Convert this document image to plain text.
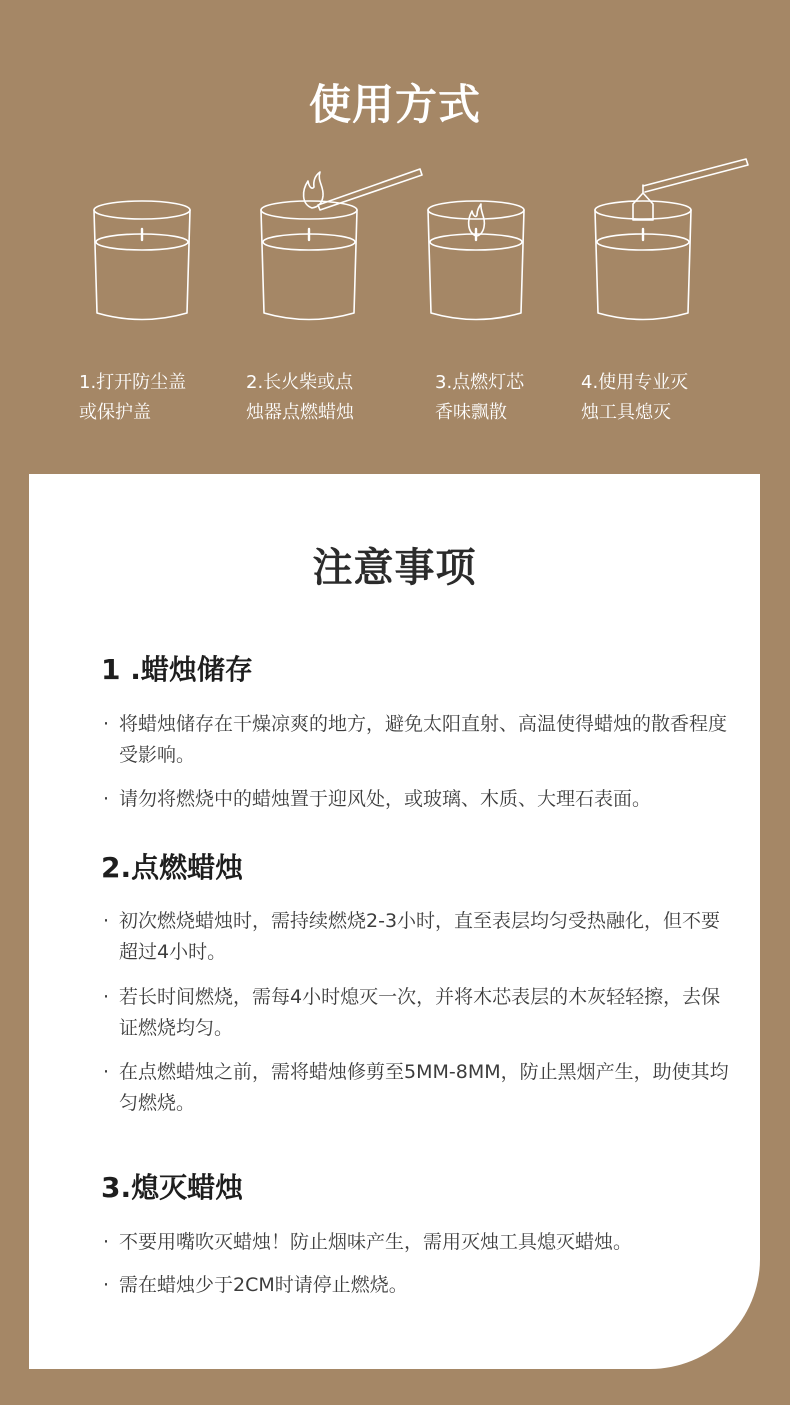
使用方式
1.打开防尘盖
或保护盖
2.长火柴或点
烛器点燃蜡烛
3.点燃灯芯
香味飘散
4.使用专业灭
烛工具熄灭
注意事项
1 .蜡烛储存
· 将蜡烛储存在干燥凉爽的地方，避免太阳直射、高温使得蜡烛的散香程度受影响。
· 请勿将燃烧中的蜡烛置于迎风处，或玻璃、木质、大理石表面。
2.点燃蜡烛
· 初次燃烧蜡烛时，需持续燃烧2-3小时，直至表层均匀受热融化，但不要超过4小时。
· 若长时间燃烧，需每4小时熄灭一次，并将木芯表层的木灰轻轻擦，去保证燃烧均匀。
· 在点燃蜡烛之前，需将蜡烛修剪至5MM-8MM，防止黑烟产生，助使其均匀燃烧。
3.熄灭蜡烛
· 不要用嘴吹灭蜡烛！防止烟味产生，需用灭烛工具熄灭蜡烛。
· 需在蜡烛少于2CM时请停止燃烧。
